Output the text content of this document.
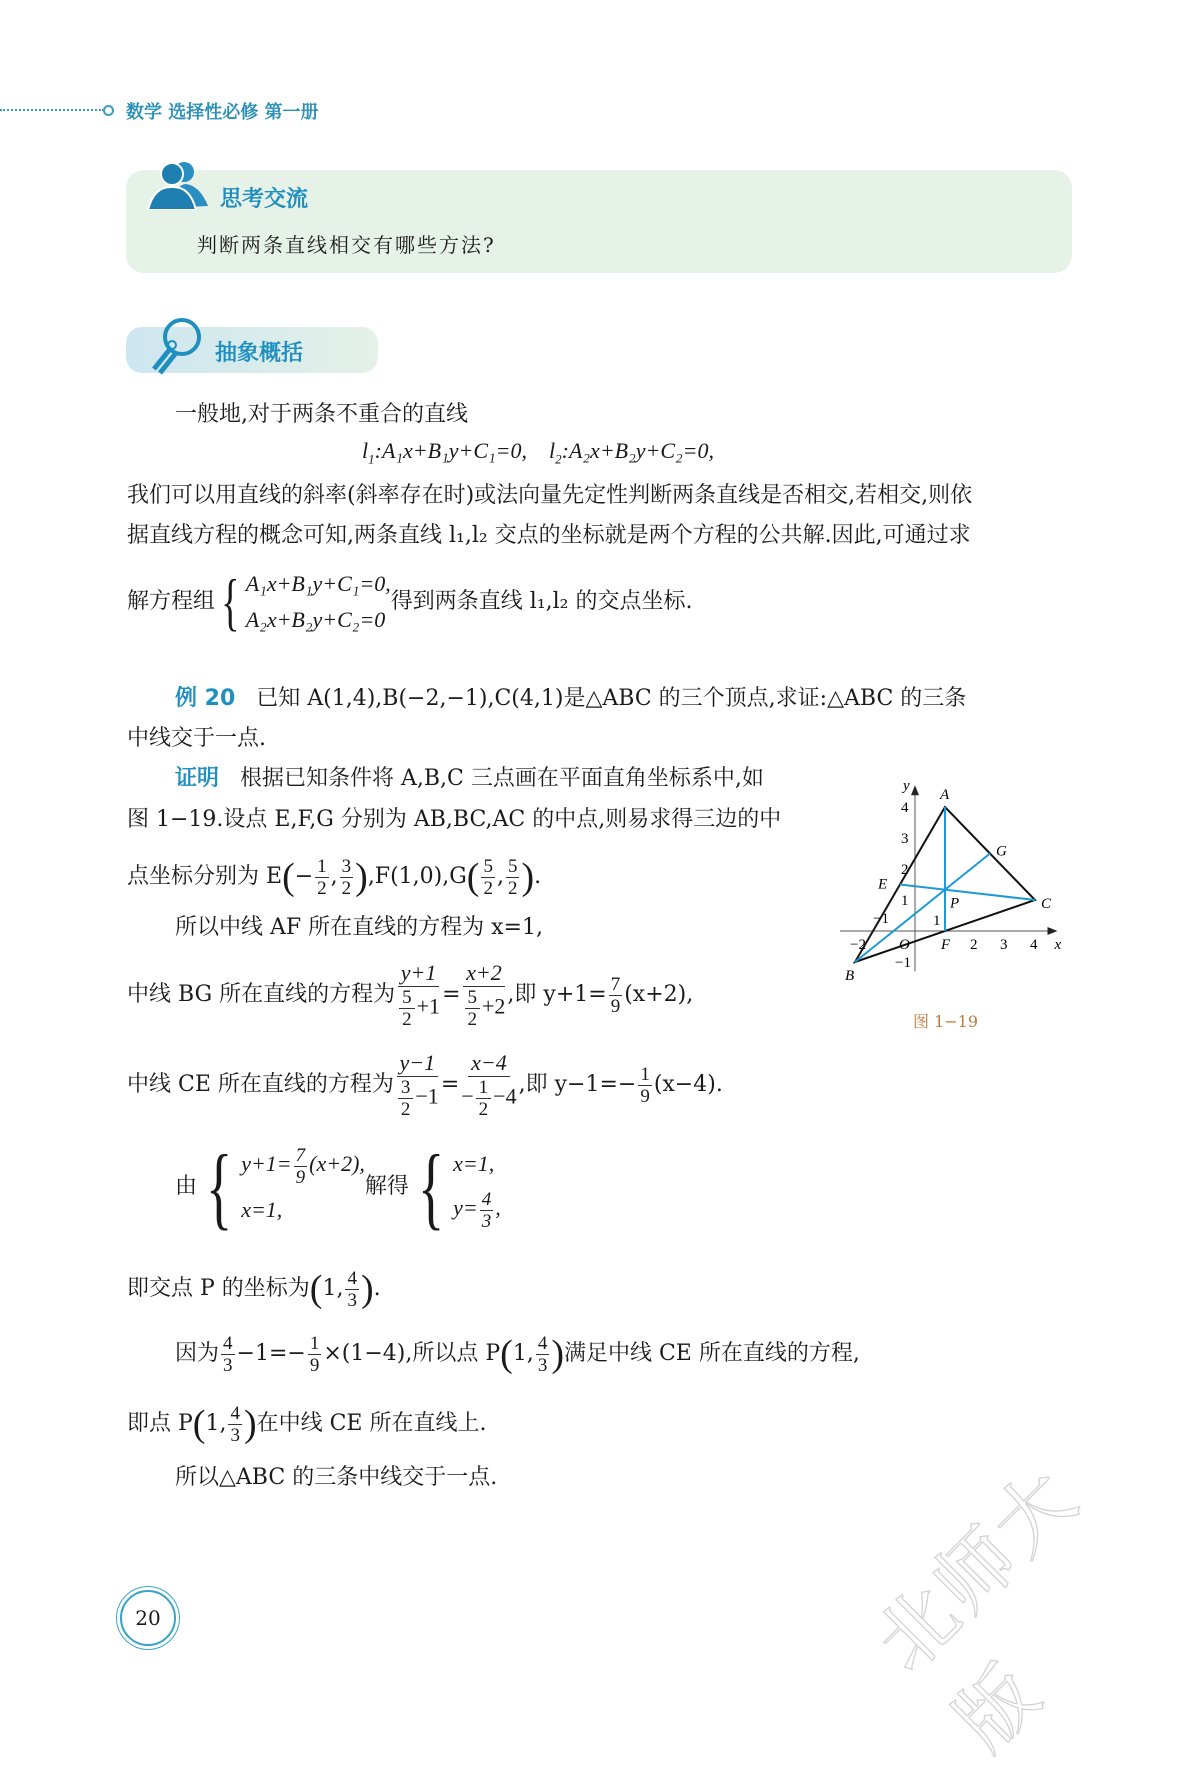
数学 选择性必修 第一册
思考交流
判断两条直线相交有哪些方法?
抽象概括
一般地,对于两条不重合的直线
$l_1:A_1x+B_1y+C_1=0$, $l_2:A_2x+B_2y+C_2=0$,
我们可以用直线的斜率(斜率存在时)或法向量先定性判断两条直线是否相交,若相交,则依
据直线方程的概念可知,两条直线 l₁,l₂ 交点的坐标就是两个方程的公共解.因此,可通过求
解方程组{ A₁x+B₁y+C₁=0,
A₂x+B₂y+C₂=0
得到两条直线 l₁,l₂ 的交点坐标.
例 20 已知 A(1,4),B(−2,−1),C(4,1)是△ABC 的三个顶点,求证:△ABC 的三条
中线交于一点.
证明 根据已知条件将 A,B,C 三点画在平面直角坐标系中,如
图 1−19.设点 E,F,G 分别为 AB,BC,AC 的中点,则易求得三边的中
点坐标分别为 $E(- \frac{1}{2}$ , $\frac{3}{2} ),F(1,0),G( \frac{5}{2}$ , $\frac{5}{2}$ ).
所以中线 AF 所在直线的方程为 x=1,
中线 BG 所在直线的方程为 $\frac{y+1}{\frac{5}{2} +1} = \frac{x+2}{\frac{5}{2} +2}$ ,即 $y+1= \frac{7}{9} (x+2)$,
中线 CE 所在直线的方程为 $\frac{y-1}{\frac{3}{2} -1} = \frac{x-4}{- \frac{1}{2} -4}$ ,即 $y-1=- \frac{1}{9} (x-4)$.
由{ $y+1= \frac{7}{9} (x+2)$,
x=1,
解得{ x=1,
$y= \frac{4}{3}$ ,
即交点 P 的坐标为(1, $\frac{4}{3}$ ).
因为 $\frac{4}{3} -1=- \frac{1}{9} \times(1-4)$,所以点 P(1, $\frac{4}{3}$ )满足中线 CE 所在直线的方程,
即点 P(1, $\frac{4}{3}$ )在中线 CE 所在直线上.
所以△ABC 的三条中线交于一点.
−2
−1	1
2 3 4
−1
1
2
3
4
x
y
O
A
B
C
E
F
G
P
图 1−19
20	北师大版
